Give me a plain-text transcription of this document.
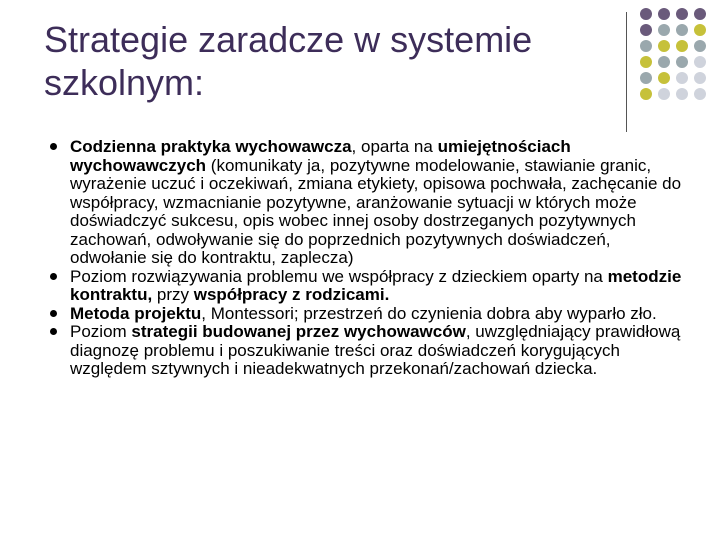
Strategie zaradcze w systemie szkolnym:
Codzienna praktyka wychowawcza, oparta na umiejętnościach wychowawczych (komunikaty ja, pozytywne modelowanie, stawianie granic, wyrażenie uczuć i oczekiwań, zmiana etykiety, opisowa pochwała, zachęcanie do współpracy, wzmacnianie pozytywne, aranżowanie sytuacji w których może doświadczyć sukcesu, opis wobec innej osoby dostrzeganych pozytywnych zachowań, odwoływanie się do poprzednich pozytywnych doświadczeń, odwołanie się do kontraktu, zaplecza)
Poziom rozwiązywania problemu we współpracy z dzieckiem oparty na metodzie kontraktu, przy współpracy z rodzicami.
Metoda projektu, Montessori; przestrzeń do czynienia dobra aby wyparło zło.
Poziom strategii budowanej przez wychowawców, uwzględniający prawidłową diagnozę problemu i poszukiwanie treści oraz doświadczeń korygujących względem sztywnych i nieadekwatnych przekonań/zachowań dziecka.
